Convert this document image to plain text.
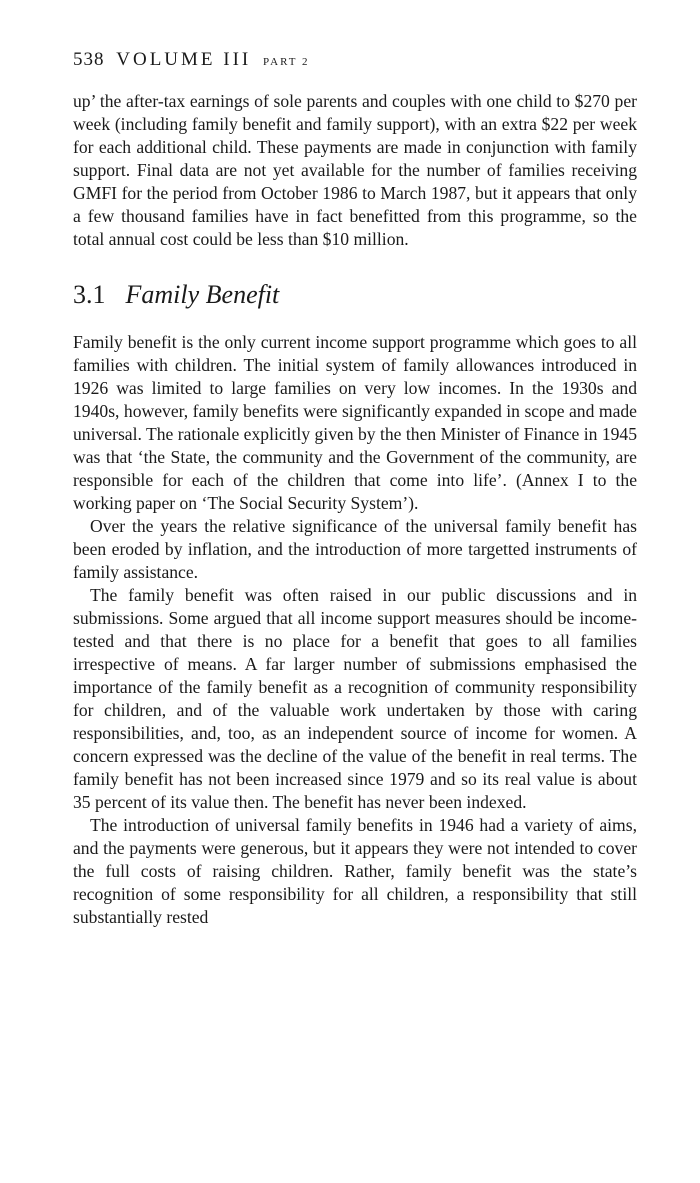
538 VOLUME III PART 2

up’ the after-tax earnings of sole parents and couples with one child to $270 per week (including family benefit and family support), with an extra $22 per week for each additional child. These payments are made in conjunction with family support. Final data are not yet available for the number of families receiving GMFI for the period from October 1986 to March 1987, but it appears that only a few thousand families have in fact benefitted from this programme, so the total annual cost could be less than $10 million.

3.1 Family Benefit

Family benefit is the only current income support programme which goes to all families with children. The initial system of family allowances introduced in 1926 was limited to large families on very low incomes. In the 1930s and 1940s, however, family benefits were significantly expanded in scope and made universal. The rationale explicitly given by the then Minister of Finance in 1945 was that ‘the State, the community and the Government of the community, are responsible for each of the children that come into life’. (Annex I to the working paper on ‘The Social Security System’).

Over the years the relative significance of the universal family benefit has been eroded by inflation, and the introduction of more targetted instruments of family assistance.

The family benefit was often raised in our public discussions and in submissions. Some argued that all income support measures should be income-tested and that there is no place for a benefit that goes to all families irrespective of means. A far larger number of submissions emphasised the importance of the family benefit as a recognition of community responsibility for children, and of the valuable work undertaken by those with caring responsibilities, and, too, as an independent source of income for women. A concern expressed was the decline of the value of the benefit in real terms. The family benefit has not been increased since 1979 and so its real value is about 35 percent of its value then. The benefit has never been indexed.

The introduction of universal family benefits in 1946 had a variety of aims, and the payments were generous, but it appears they were not intended to cover the full costs of raising children. Rather, family benefit was the state’s recognition of some responsibility for all children, a responsibility that still substantially rested
